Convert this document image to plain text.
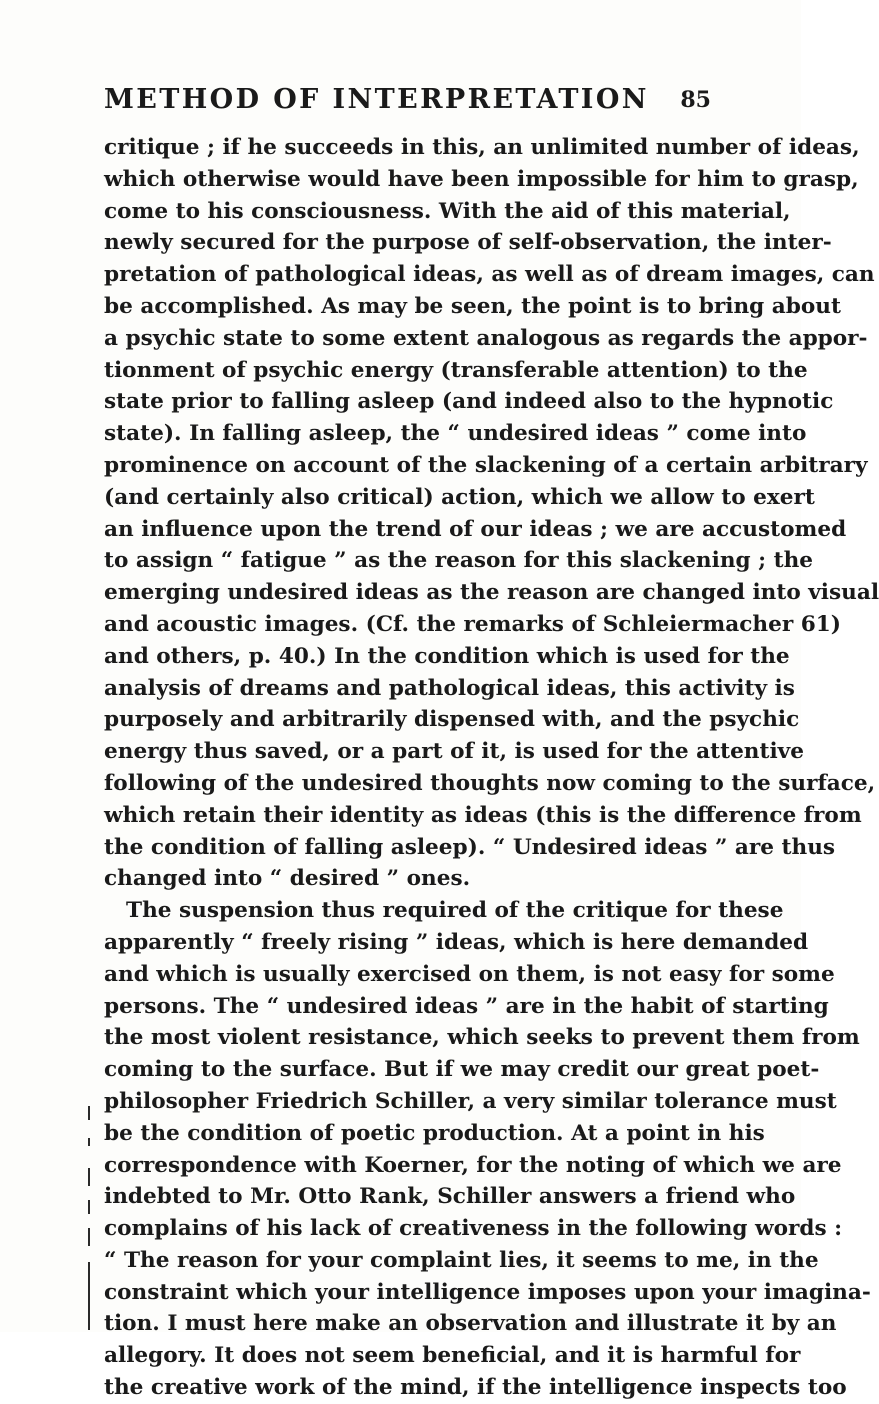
METHOD OF INTERPRETATION 85
critique ; if he succeeds in this, an unlimited number of ideas,
which otherwise would have been impossible for him to grasp,
come to his consciousness. With the aid of this material,
newly secured for the purpose of self-observation, the inter-
pretation of pathological ideas, as well as of dream images, can
be accomplished. As may be seen, the point is to bring about
a psychic state to some extent analogous as regards the appor-
tionment of psychic energy (transferable attention) to the
state prior to falling asleep (and indeed also to the hypnotic
state). In falling asleep, the “ undesired ideas ” come into
prominence on account of the slackening of a certain arbitrary
(and certainly also critical) action, which we allow to exert
an influence upon the trend of our ideas ; we are accustomed
to assign “ fatigue ” as the reason for this slackening ; the
emerging undesired ideas as the reason are changed into visual
and acoustic images. (Cf. the remarks of Schleiermacher 61)
and others, p. 40.) In the condition which is used for the
analysis of dreams and pathological ideas, this activity is
purposely and arbitrarily dispensed with, and the psychic
energy thus saved, or a part of it, is used for the attentive
following of the undesired thoughts now coming to the surface,
which retain their identity as ideas (this is the difference from
the condition of falling asleep). “ Undesired ideas ” are thus
changed into “ desired ” ones.
The suspension thus required of the critique for these
apparently “ freely rising ” ideas, which is here demanded
and which is usually exercised on them, is not easy for some
persons. The “ undesired ideas ” are in the habit of starting
the most violent resistance, which seeks to prevent them from
coming to the surface. But if we may credit our great poet-
philosopher Friedrich Schiller, a very similar tolerance must
be the condition of poetic production. At a point in his
correspondence with Koerner, for the noting of which we are
indebted to Mr. Otto Rank, Schiller answers a friend who
complains of his lack of creativeness in the following words :
“ The reason for your complaint lies, it seems to me, in the
constraint which your intelligence imposes upon your imagina-
tion. I must here make an observation and illustrate it by an
allegory. It does not seem beneficial, and it is harmful for
the creative work of the mind, if the intelligence inspects too
